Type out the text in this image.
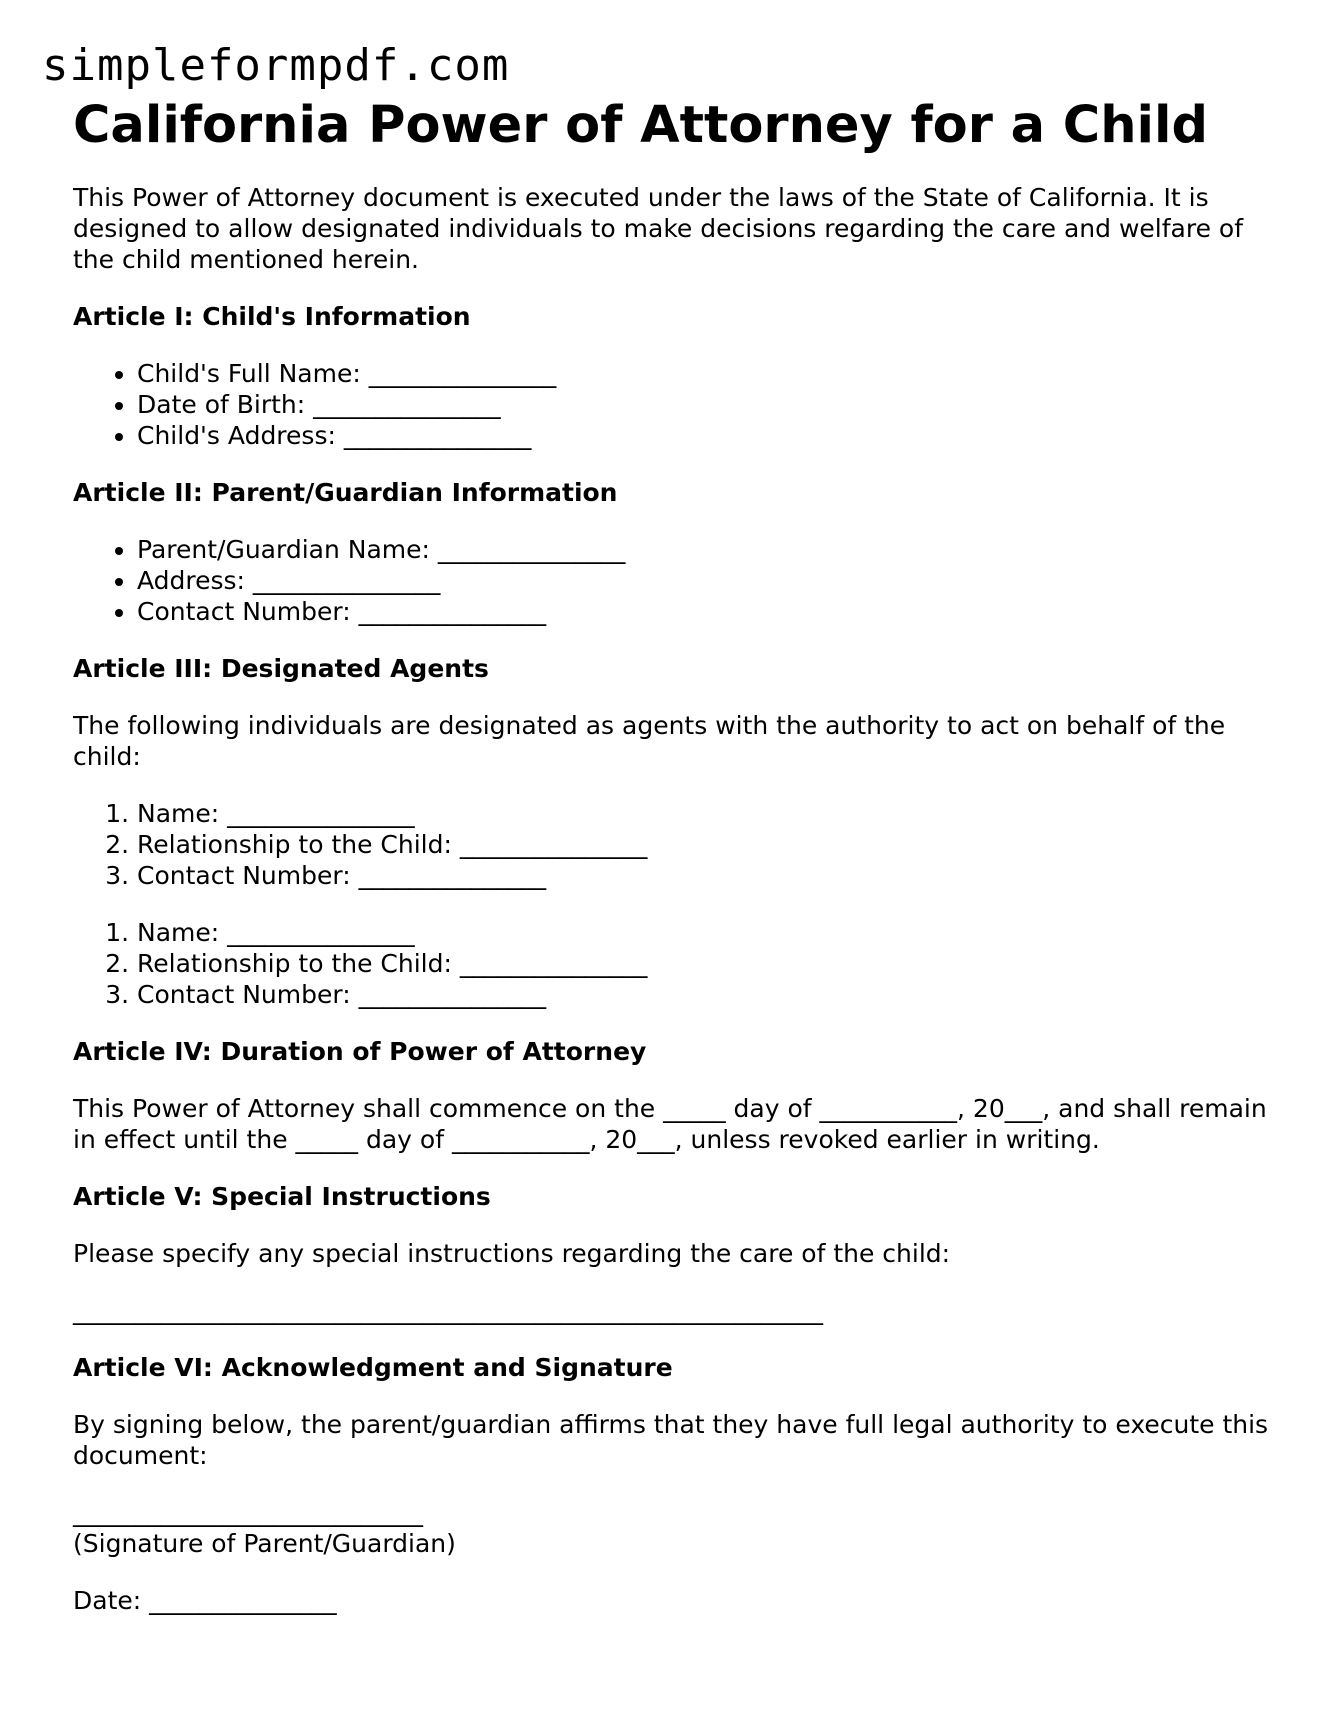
simpleformpdf.com
California Power of Attorney for a Child

This Power of Attorney document is executed under the laws of the State of California. It is designed to allow designated individuals to make decisions regarding the care and welfare of the child mentioned herein.

Article I: Child's Information
• Child's Full Name: _______________
• Date of Birth: _______________
• Child's Address: _______________
Article II: Parent/Guardian Information
• Parent/Guardian Name: _______________
• Address: _______________
• Contact Number: _______________
Article III: Designated Agents

The following individuals are designated as agents with the authority to act on behalf of the child:

1. Name: _______________
2. Relationship to the Child: _______________
3. Contact Number: _______________
1. Name: _______________
2. Relationship to the Child: _______________
3. Contact Number: _______________
Article IV: Duration of Power of Attorney

This Power of Attorney shall commence on the _____ day of ___________, 20___, and shall remain in effect until the _____ day of ___________, 20___, unless revoked earlier in writing.

Article V: Special Instructions

Please specify any special instructions regarding the care of the child:

____________________________________________________________

Article VI: Acknowledgment and Signature

By signing below, the parent/guardian affirms that they have full legal authority to execute this document:

____________________________

(Signature of Parent/Guardian)

Date: _______________
